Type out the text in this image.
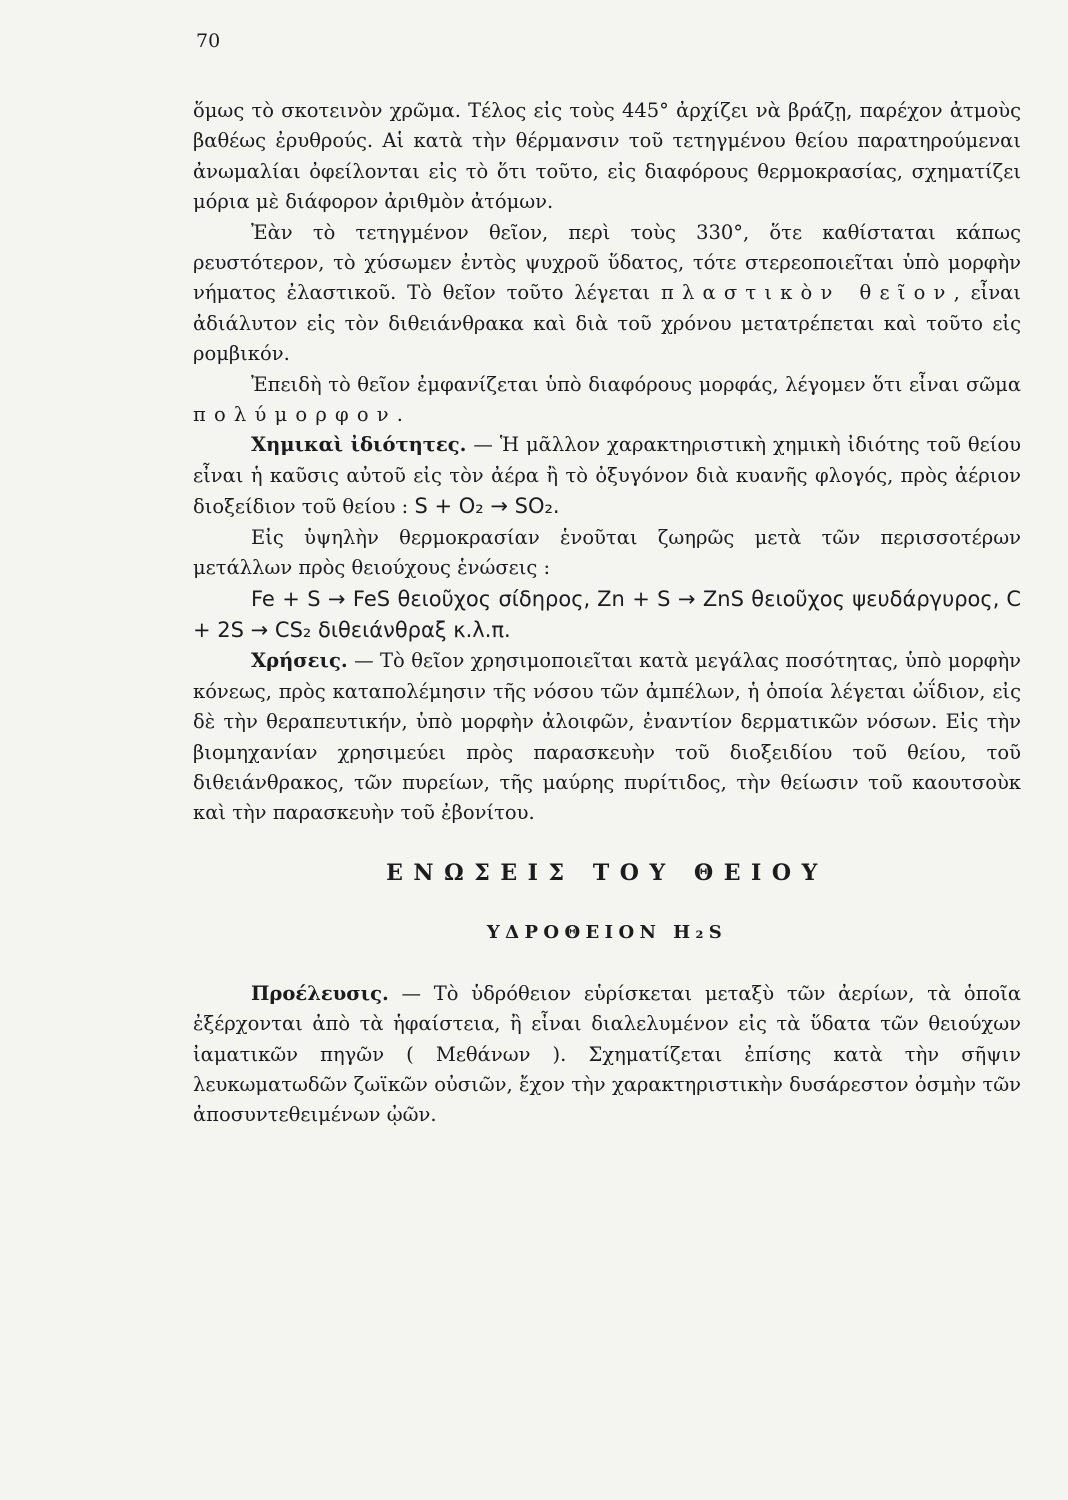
70

ὅμως τὸ σκοτεινὸν χρῶμα. Τέλος εἰς τοὺς 445° ἀρχίζει νὰ βράζῃ, παρέχον ἀτμοὺς βαθέως ἐρυθρούς. Αἱ κατὰ τὴν θέρμανσιν τοῦ τετηγμένου θείου παρατηρούμεναι ἀνωμαλίαι ὀφείλονται εἰς τὸ ὅτι τοῦτο, εἰς διαφόρους θερμοκρασίας, σχηματίζει μόρια μὲ διάφορον ἀριθμὸν ἀτόμων.

Ἐὰν τὸ τετηγμένον θεῖον, περὶ τοὺς 330°, ὅτε καθίσταται κάπως ρευστότερον, τὸ χύσωμεν ἐντὸς ψυχροῦ ὕδατος, τότε στερεοποιεῖται ὑπὸ μορφὴν νήματος ἐλαστικοῦ. Τὸ θεῖον τοῦτο λέγεται πλαστικὸν θεῖον, εἶναι ἀδιάλυτον εἰς τὸν διθειάνθρακα καὶ διὰ τοῦ χρόνου μετατρέπεται καὶ τοῦτο εἰς ρομβικόν.

Ἐπειδὴ τὸ θεῖον ἐμφανίζεται ὑπὸ διαφόρους μορφάς, λέγομεν ὅτι εἶναι σῶμα πολύμορφον.

Χημικαὶ ἰδιότητες. — Ἡ μᾶλλον χαρακτηριστικὴ χημικὴ ἰδιότης τοῦ θείου εἶναι ἡ καῦσις αὐτοῦ εἰς τὸν ἀέρα ἢ τὸ ὀξυγόνον διὰ κυανῆς φλογός, πρὸς ἀέριον διοξείδιον τοῦ θείου : S + O₂ → SO₂.

Εἰς ὑψηλὴν θερμοκρασίαν ἑνοῦται ζωηρῶς μετὰ τῶν περισσοτέρων μετάλλων πρὸς θειούχους ἑνώσεις :

Fe + S → FeS θειοῦχος σίδηρος, Zn + S → ZnS θειοῦχος ψευδάργυρος, C + 2S → CS₂ διθειάνθραξ κ.λ.π.

Χρήσεις. — Τὸ θεῖον χρησιμοποιεῖται κατὰ μεγάλας ποσότητας, ὑπὸ μορφὴν κόνεως, πρὸς καταπολέμησιν τῆς νόσου τῶν ἀμπέλων, ἡ ὁποία λέγεται ὠΐδιον, εἰς δὲ τὴν θεραπευτικήν, ὑπὸ μορφὴν ἀλοιφῶν, ἐναντίον δερματικῶν νόσων. Εἰς τὴν βιομηχανίαν χρησιμεύει πρὸς παρασκευὴν τοῦ διοξειδίου τοῦ θείου, τοῦ διθειάνθρακος, τῶν πυρείων, τῆς μαύρης πυρίτιδος, τὴν θείωσιν τοῦ καουτσοὺκ καὶ τὴν παρασκευὴν τοῦ ἐβονίτου.

ΕΝΩΣΕΙΣ ΤΟΥ ΘΕΙΟΥ
ΥΔΡΟΘΕΙΟΝ H₂S

Προέλευσις. — Τὸ ὑδρόθειον εὑρίσκεται μεταξὺ τῶν ἀερίων, τὰ ὁποῖα ἐξέρχονται ἀπὸ τὰ ἡφαίστεια, ἢ εἶναι διαλελυμένον εἰς τὰ ὕδατα τῶν θειούχων ἰαματικῶν πηγῶν ( Μεθάνων ). Σχηματίζεται ἐπίσης κατὰ τὴν σῆψιν λευκωματωδῶν ζωϊκῶν οὐσιῶν, ἔχον τὴν χαρακτηριστικὴν δυσάρεστον ὀσμὴν τῶν ἀποσυντεθειμένων ᾠῶν.
